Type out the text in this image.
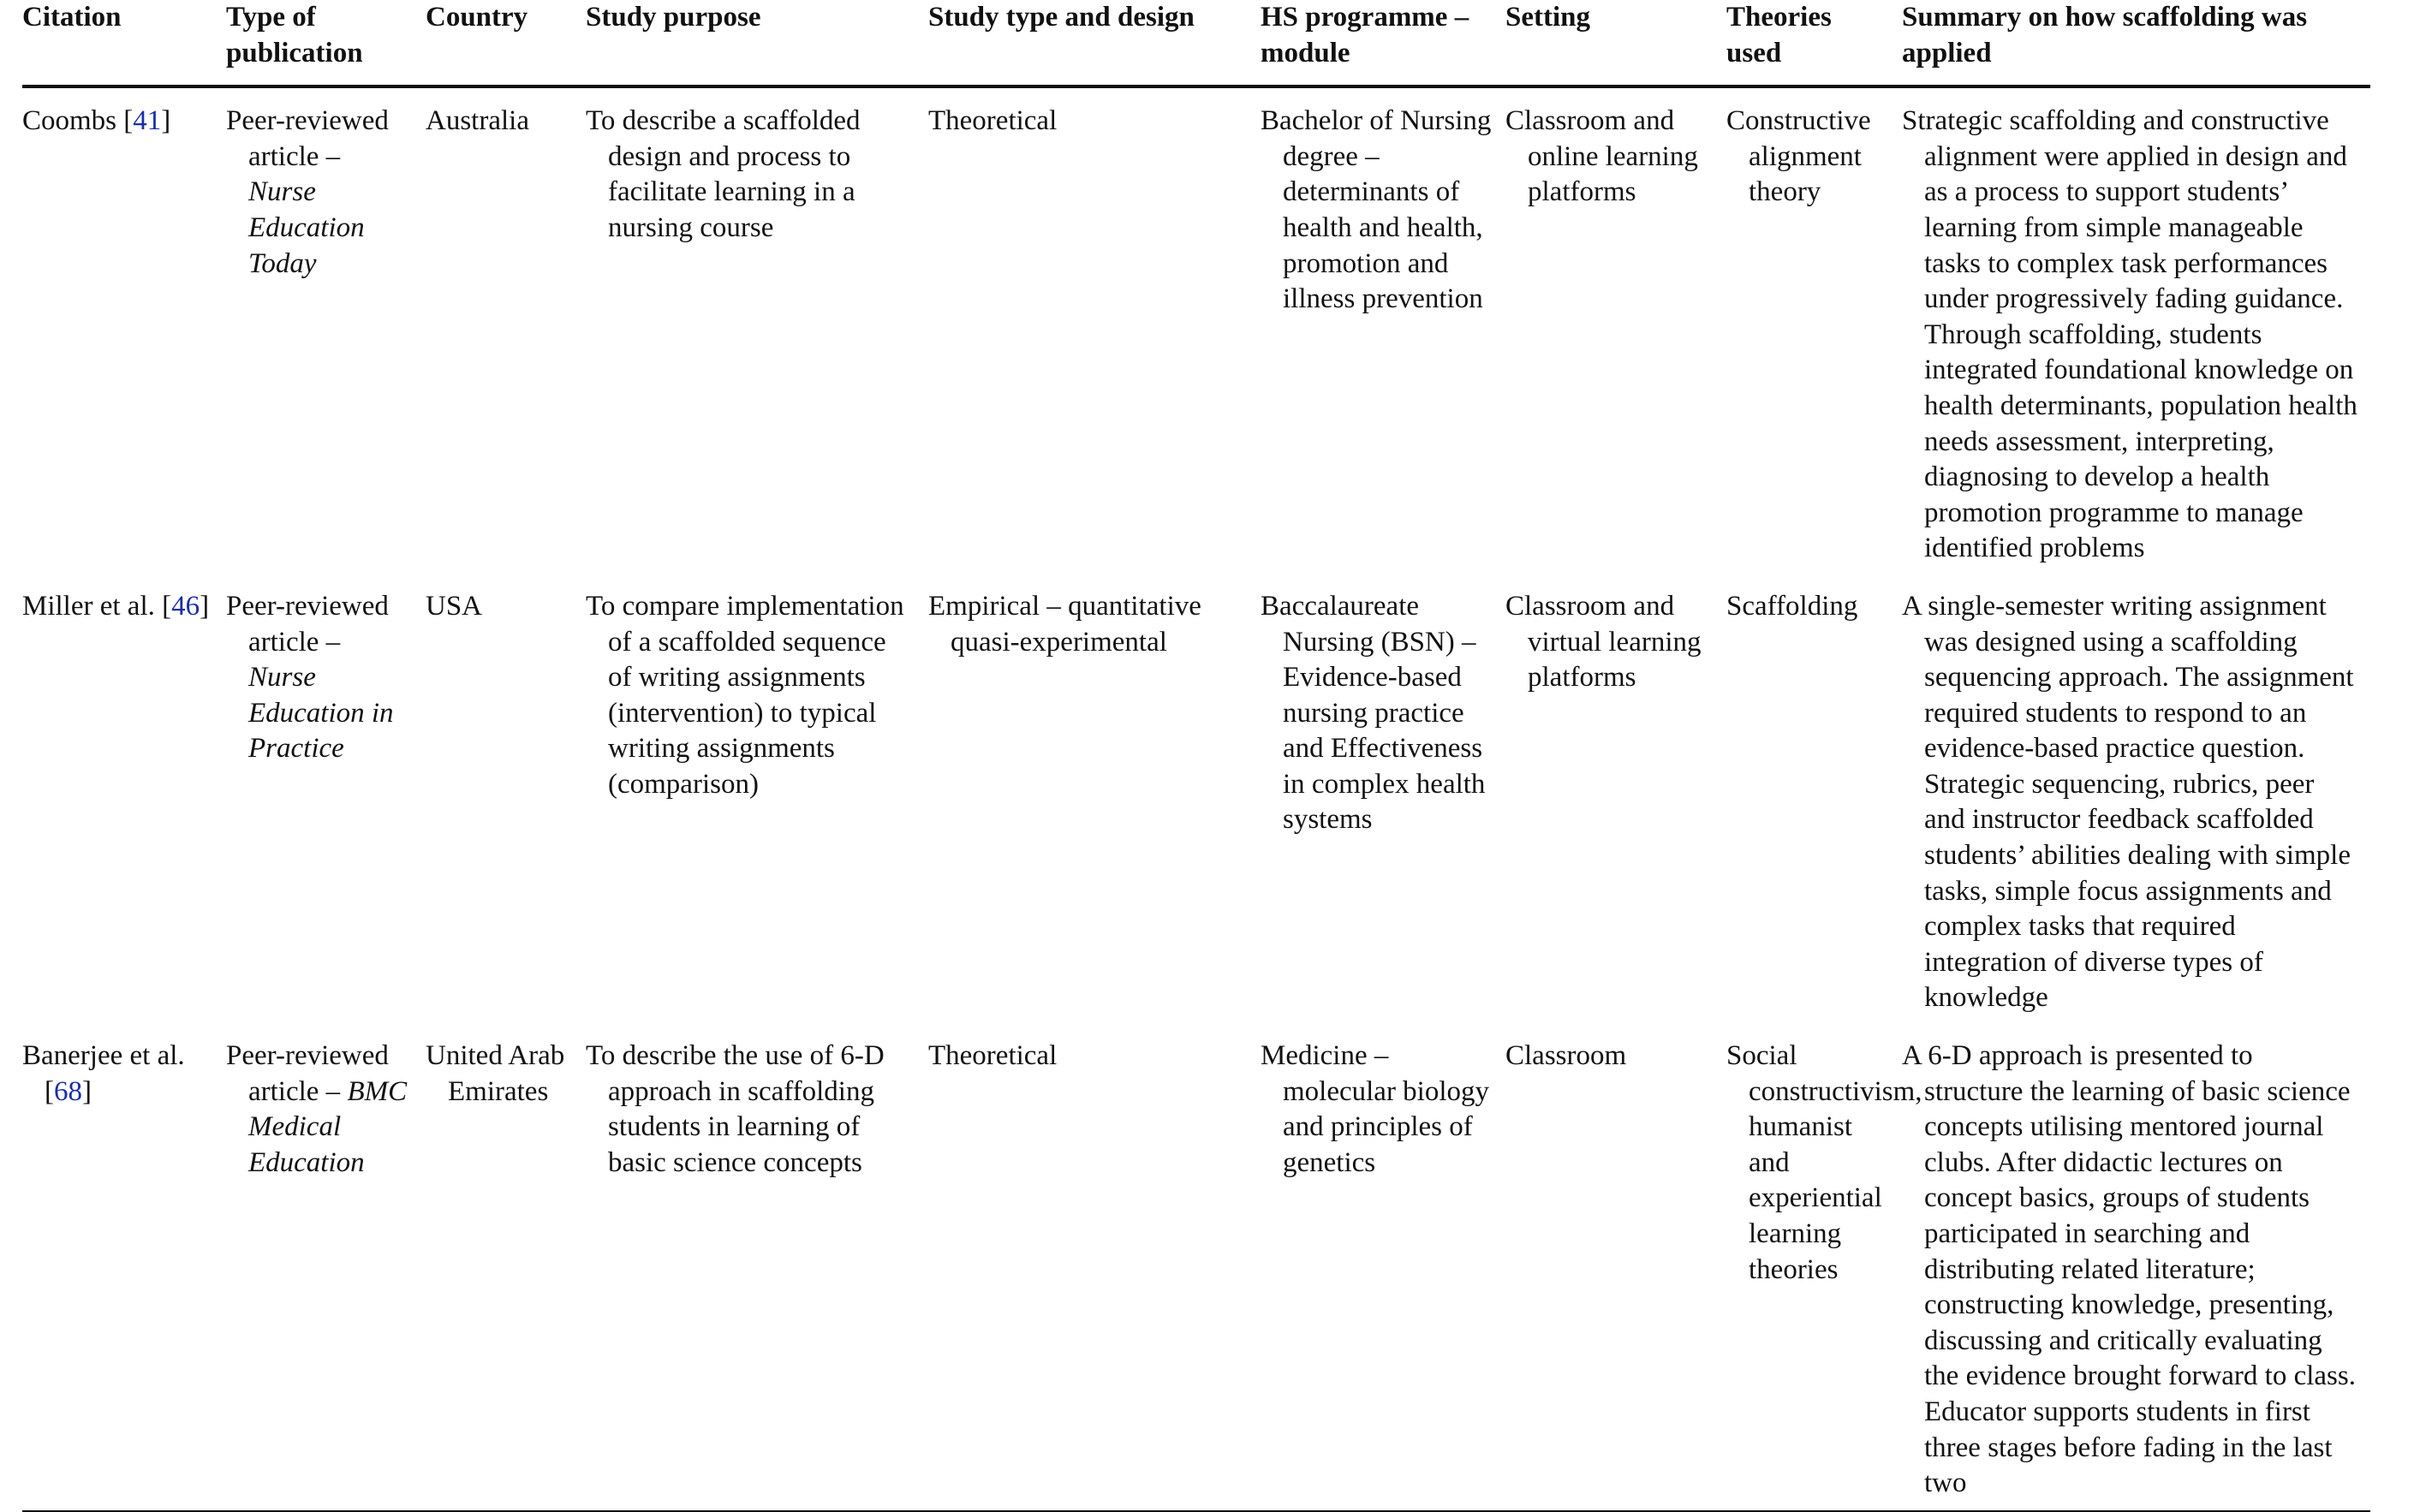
Citation	Type of publication	Country	Study purpose	Study type and design	HS programme – module	Setting	Theories used	Summary on how scaffolding was applied

Coombs [41]	Peer-reviewed article – Nurse Education Today	Australia	To describe a scaffolded design and process to facilitate learning in a nursing course	Theoretical	Bachelor of Nursing degree – determinants of health and health, promotion and illness prevention	Classroom and online learning platforms	Constructive alignment theory	Strategic scaffolding and constructive alignment were applied in design and as a process to support students’ learning from simple manageable tasks to complex task performances under progressively fading guidance. Through scaffolding, students integrated foundational knowledge on health determinants, population health needs assessment, interpreting, diagnosing to develop a health promotion programme to manage identified problems

Miller et al. [46]	Peer-reviewed article – Nurse Education in Practice	USA	To compare implementation of a scaffolded sequence of writing assignments (intervention) to typical writing assignments (comparison)	Empirical – quantitative quasi-experimental	Baccalaureate Nursing (BSN) – Evidence-based nursing practice and Effectiveness in complex health systems	Classroom and virtual learning platforms	Scaffolding	A single-semester writing assignment was designed using a scaffolding sequencing approach. The assignment required students to respond to an evidence-based practice question. Strategic sequencing, rubrics, peer and instructor feedback scaffolded students’ abilities dealing with simple tasks, simple focus assignments and complex tasks that required integration of diverse types of knowledge

Banerjee et al. [68]	Peer-reviewed article – BMC Medical Education	United Arab Emirates	To describe the use of 6-D approach in scaffolding students in learning of basic science concepts	Theoretical	Medicine – molecular biology and principles of genetics	Classroom	Social constructivism, humanist and experiential learning theories	A 6-D approach is presented to structure the learning of basic science concepts utilising mentored journal clubs. After didactic lectures on concept basics, groups of students participated in searching and distributing related literature; constructing knowledge, presenting, discussing and critically evaluating the evidence brought forward to class. Educator supports students in first three stages before fading in the last two
